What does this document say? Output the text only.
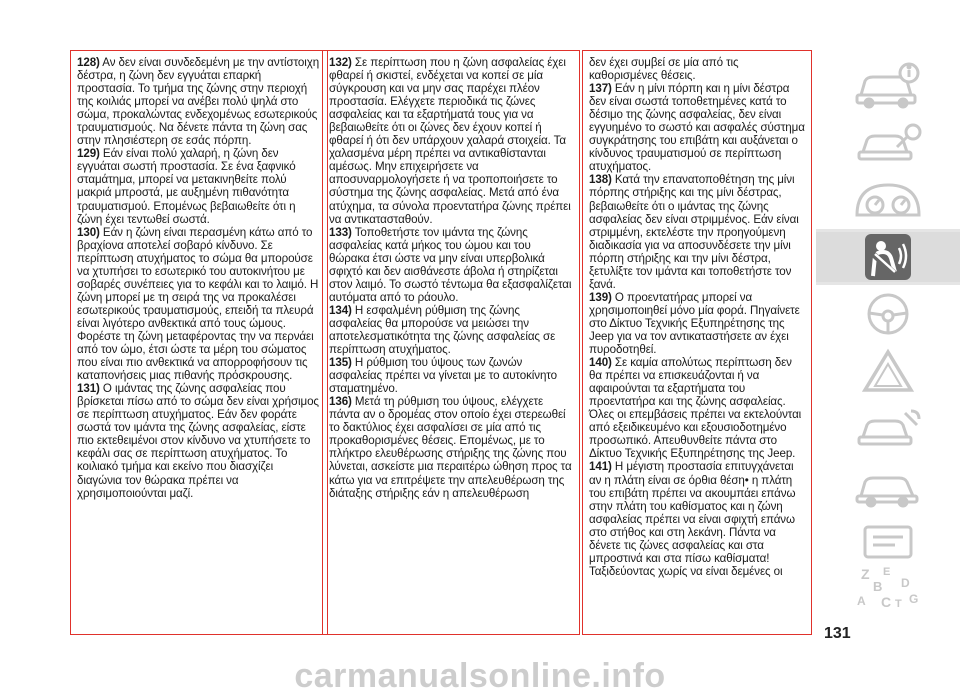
128) Αν δεν είναι συνδεδεμένη με την αντίστοιχη δέστρα, η ζώνη δεν εγγυάται επαρκή προστασία. Το τμήμα της ζώνης στην περιοχή της κοιλιάς μπορεί να ανέβει πολύ ψηλά στο σώμα, προκαλώντας ενδεχομένως εσωτερικούς τραυματισμούς. Να δένετε πάντα τη ζώνη σας στην πλησιέστερη σε εσάς πόρπη.

129) Εάν είναι πολύ χαλαρή, η ζώνη δεν εγγυάται σωστή προστασία. Σε ένα ξαφνικό σταμάτημα, μπορεί να μετακινηθείτε πολύ μακριά μπροστά, με αυξημένη πιθανότητα τραυματισμού. Επομένως βεβαιωθείτε ότι η ζώνη έχει τεντωθεί σωστά.

130) Εάν η ζώνη είναι περασμένη κάτω από το βραχίονα αποτελεί σοβαρό κίνδυνο. Σε περίπτωση ατυχήματος το σώμα θα μπορούσε να χτυπήσει το εσωτερικό του αυτοκινήτου με σοβαρές συνέπειες για το κεφάλι και το λαιμό. Η ζώνη μπορεί με τη σειρά της να προκαλέσει εσωτερικούς τραυματισμούς, επειδή τα πλευρά είναι λιγότερο ανθεκτικά από τους ώμους. Φορέστε τη ζώνη μεταφέροντας την να περνάει από τον ώμο, έτσι ώστε τα μέρη του σώματος που είναι πιο ανθεκτικά να απορροφήσουν τις καταπονήσεις μιας πιθανής πρόσκρουσης.

131) Ο ιμάντας της ζώνης ασφαλείας που βρίσκεται πίσω από το σώμα δεν είναι χρήσιμος σε περίπτωση ατυχήματος. Εάν δεν φοράτε σωστά τον ιμάντα της ζώνης ασφαλείας, είστε πιο εκτεθειμένοι στον κίνδυνο να χτυπήσετε το κεφάλι σας σε περίπτωση ατυχήματος. Το κοιλιακό τμήμα και εκείνο που διασχίζει διαγώνια τον θώρακα πρέπει να χρησιμοποιούνται μαζί.

132) Σε περίπτωση που η ζώνη ασφαλείας έχει φθαρεί ή σκιστεί, ενδέχεται να κοπεί σε μία σύγκρουση και να μην σας παρέχει πλέον προστασία. Ελέγχετε περιοδικά τις ζώνες ασφαλείας και τα εξαρτήματά τους για να βεβαιωθείτε ότι οι ζώνες δεν έχουν κοπεί ή φθαρεί ή ότι δεν υπάρχουν χαλαρά στοιχεία. Τα χαλασμένα μέρη πρέπει να αντικαθίστανται αμέσως. Μην επιχειρήσετε να αποσυναρμολογήσετε ή να τροποποιήσετε το σύστημα της ζώνης ασφαλείας. Μετά από ένα ατύχημα, τα σύνολα προεντατήρα ζώνης πρέπει να αντικατασταθούν.

133) Τοποθετήστε τον ιμάντα της ζώνης ασφαλείας κατά μήκος του ώμου και του θώρακα έτσι ώστε να μην είναι υπερβολικά σφιχτό και δεν αισθάνεστε άβολα ή στηρίζεται στον λαιμό. Το σωστό τέντωμα θα εξασφαλίζεται αυτόματα από το ράουλο.

134) Η εσφαλμένη ρύθμιση της ζώνης ασφαλείας θα μπορούσε να μειώσει την αποτελεσματικότητα της ζώνης ασφαλείας σε περίπτωση ατυχήματος.

135) Η ρύθμιση του ύψους των ζωνών ασφαλείας πρέπει να γίνεται με το αυτοκίνητο σταματημένο.

136) Μετά τη ρύθμιση του ύψους, ελέγχετε πάντα αν ο δρομέας στον οποίο έχει στερεωθεί το δακτύλιος έχει ασφαλίσει σε μία από τις προκαθορισμένες θέσεις. Επομένως, με το πλήκτρο ελευθέρωσης στήριξης της ζώνης που λύνεται, ασκείστε μια περαιτέρω ώθηση προς τα κάτω για να επιτρέψετε την απελευθέρωση της διάταξης στήριξης εάν η απελευθέρωση

δεν έχει συμβεί σε μία από τις καθορισμένες θέσεις.

137) Εάν η μίνι πόρπη και η μίνι δέστρα δεν είναι σωστά τοποθετημένες κατά το δέσιμο της ζώνης ασφαλείας, δεν είναι εγγυημένο το σωστό και ασφαλές σύστημα συγκράτησης του επιβάτη και αυξάνεται ο κίνδυνος τραυματισμού σε περίπτωση ατυχήματος.

138) Κατά την επανατοποθέτηση της μίνι πόρπης στήριξης και της μίνι δέστρας, βεβαιωθείτε ότι ο ιμάντας της ζώνης ασφαλείας δεν είναι στριμμένος. Εάν είναι στριμμένη, εκτελέστε την προηγούμενη διαδικασία για να αποσυνδέσετε την μίνι πόρπη στήριξης και την μίνι δέστρα, ξετυλίξτε τον ιμάντα και τοποθετήστε τον ξανά.

139) Ο προεντατήρας μπορεί να χρησιμοποιηθεί μόνο μία φορά. Πηγαίνετε στο Δίκτυο Τεχνικής Εξυπηρέτησης της Jeep για να τον αντικαταστήσετε αν έχει πυροδοτηθεί.

140) Σε καμία απολύτως περίπτωση δεν θα πρέπει να επισκευάζονται ή να αφαιρούνται τα εξαρτήματα του προεντατήρα και της ζώνης ασφαλείας. Όλες οι επεμβάσεις πρέπει να εκτελούνται από εξειδικευμένο και εξουσιοδοτημένο προσωπικό. Απευθυνθείτε πάντα στο Δίκτυο Τεχνικής Εξυπηρέτησης της Jeep.

141) Η μέγιστη προστασία επιτυγχάνεται αν η πλάτη είναι σε όρθια θέση• η πλάτη του επιβάτη πρέπει να ακουμπάει επάνω στην πλάτη του καθίσματος και η ζώνη ασφαλείας πρέπει να είναι σφιχτή επάνω στο στήθος και στη λεκάνη. Πάντα να δένετε τις ζώνες ασφαλείας και στα μπροστινά και στα πίσω καθίσματα! Ταξιδεύοντας χωρίς να είναι δεμένες οι	Z E
B D
A C T G
131
carmanualsonline.info
